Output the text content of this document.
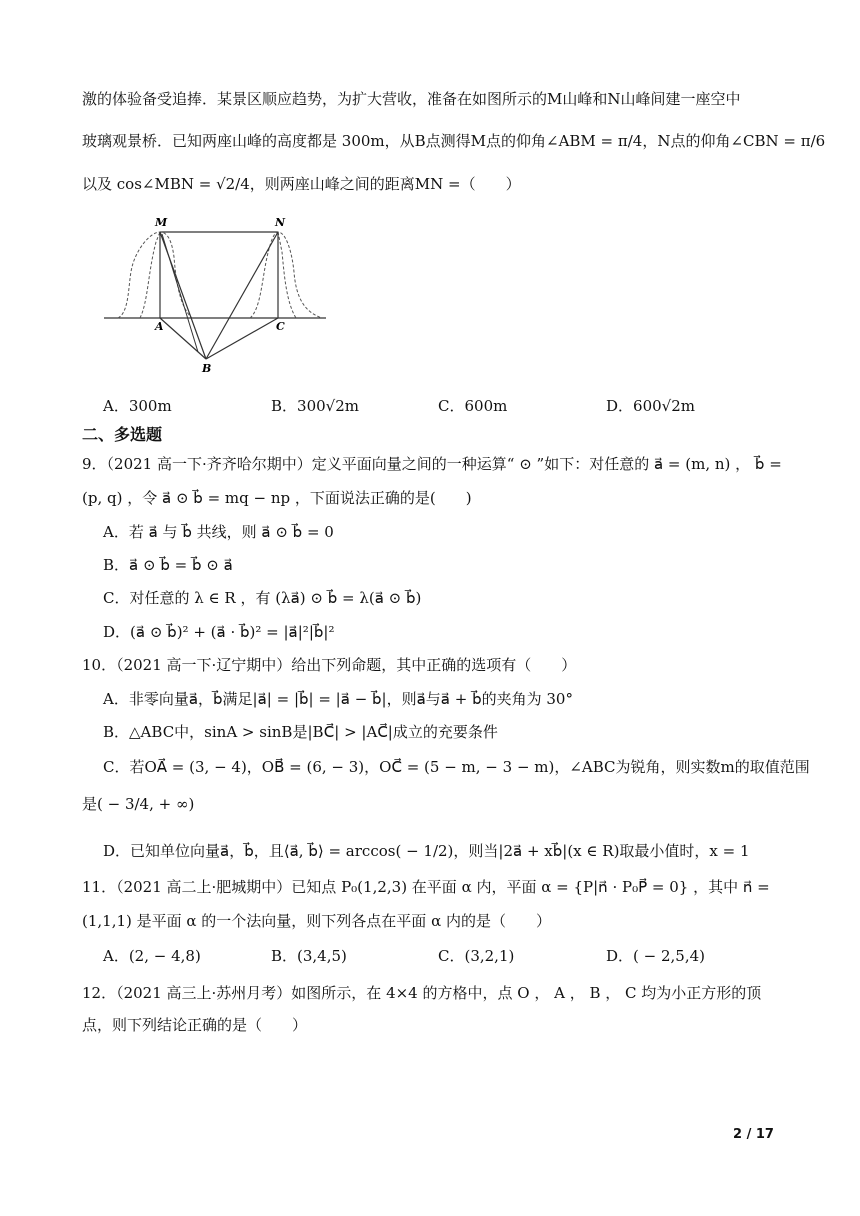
激的体验备受追捧．某景区顺应趋势，为扩大营收，准备在如图所示的M山峰和N山峰间建一座空中
玻璃观景桥．已知两座山峰的高度都是 300m，从B点测得M点的仰角∠ABM = π/4，N点的仰角∠CBN = π/6
以及 cos∠MBN = √2/4，则两座山峰之间的距离MN =（　　）
M	N
A	C
B
A．300m	B．300√2m	C．600m	D．600√2m
二、多选题
9．（2021 高一下·齐齐哈尔期中）定义平面向量之间的一种运算“ ⊙ ”如下：对任意的 a⃗ = (m, n) ， b⃗ =
(p, q) ，令 a⃗ ⊙ b⃗ = mq − np ，下面说法正确的是(　　)
A．若 a⃗ 与 b⃗ 共线，则 a⃗ ⊙ b⃗ = 0
B．a⃗ ⊙ b⃗ = b⃗ ⊙ a⃗
C．对任意的 λ ∈ R ，有 (λa⃗) ⊙ b⃗ = λ(a⃗ ⊙ b⃗)
D．(a⃗ ⊙ b⃗)² + (a⃗ · b⃗)² = |a⃗|²|b⃗|²
10．（2021 高一下·辽宁期中）给出下列命题，其中正确的选项有（　　）
A．非零向量a⃗，b⃗满足|a⃗| = |b⃗| = |a⃗ − b⃗|，则a⃗与a⃗ + b⃗的夹角为 30°
B．△ABC中，sinA > sinB是|BC⃗| > |AC⃗|成立的充要条件
C．若OA⃗ = (3, − 4)，OB⃗ = (6, − 3)，OC⃗ = (5 − m, − 3 − m)，∠ABC为锐角，则实数m的取值范围
是( − 3/4, + ∞)
D．已知单位向量a⃗，b⃗，且⟨a⃗, b⃗⟩ = arccos( − 1/2)，则当|2a⃗ + xb⃗|(x ∈ R)取最小值时，x = 1
11．（2021 高二上·肥城期中）已知点 P₀(1,2,3) 在平面 α 内，平面 α = {P|n⃗ · P₀P⃗ = 0} ，其中 n⃗ =
(1,1,1) 是平面 α 的一个法向量，则下列各点在平面 α 内的是（　　）
A．(2, − 4,8)	B．(3,4,5)	C．(3,2,1)	D．( − 2,5,4)
12．（2021 高三上·苏州月考）如图所示，在 4×4 的方格中，点 O ， A ， B ， C 均为小正方形的顶
点，则下列结论正确的是（　　）
2 / 17
